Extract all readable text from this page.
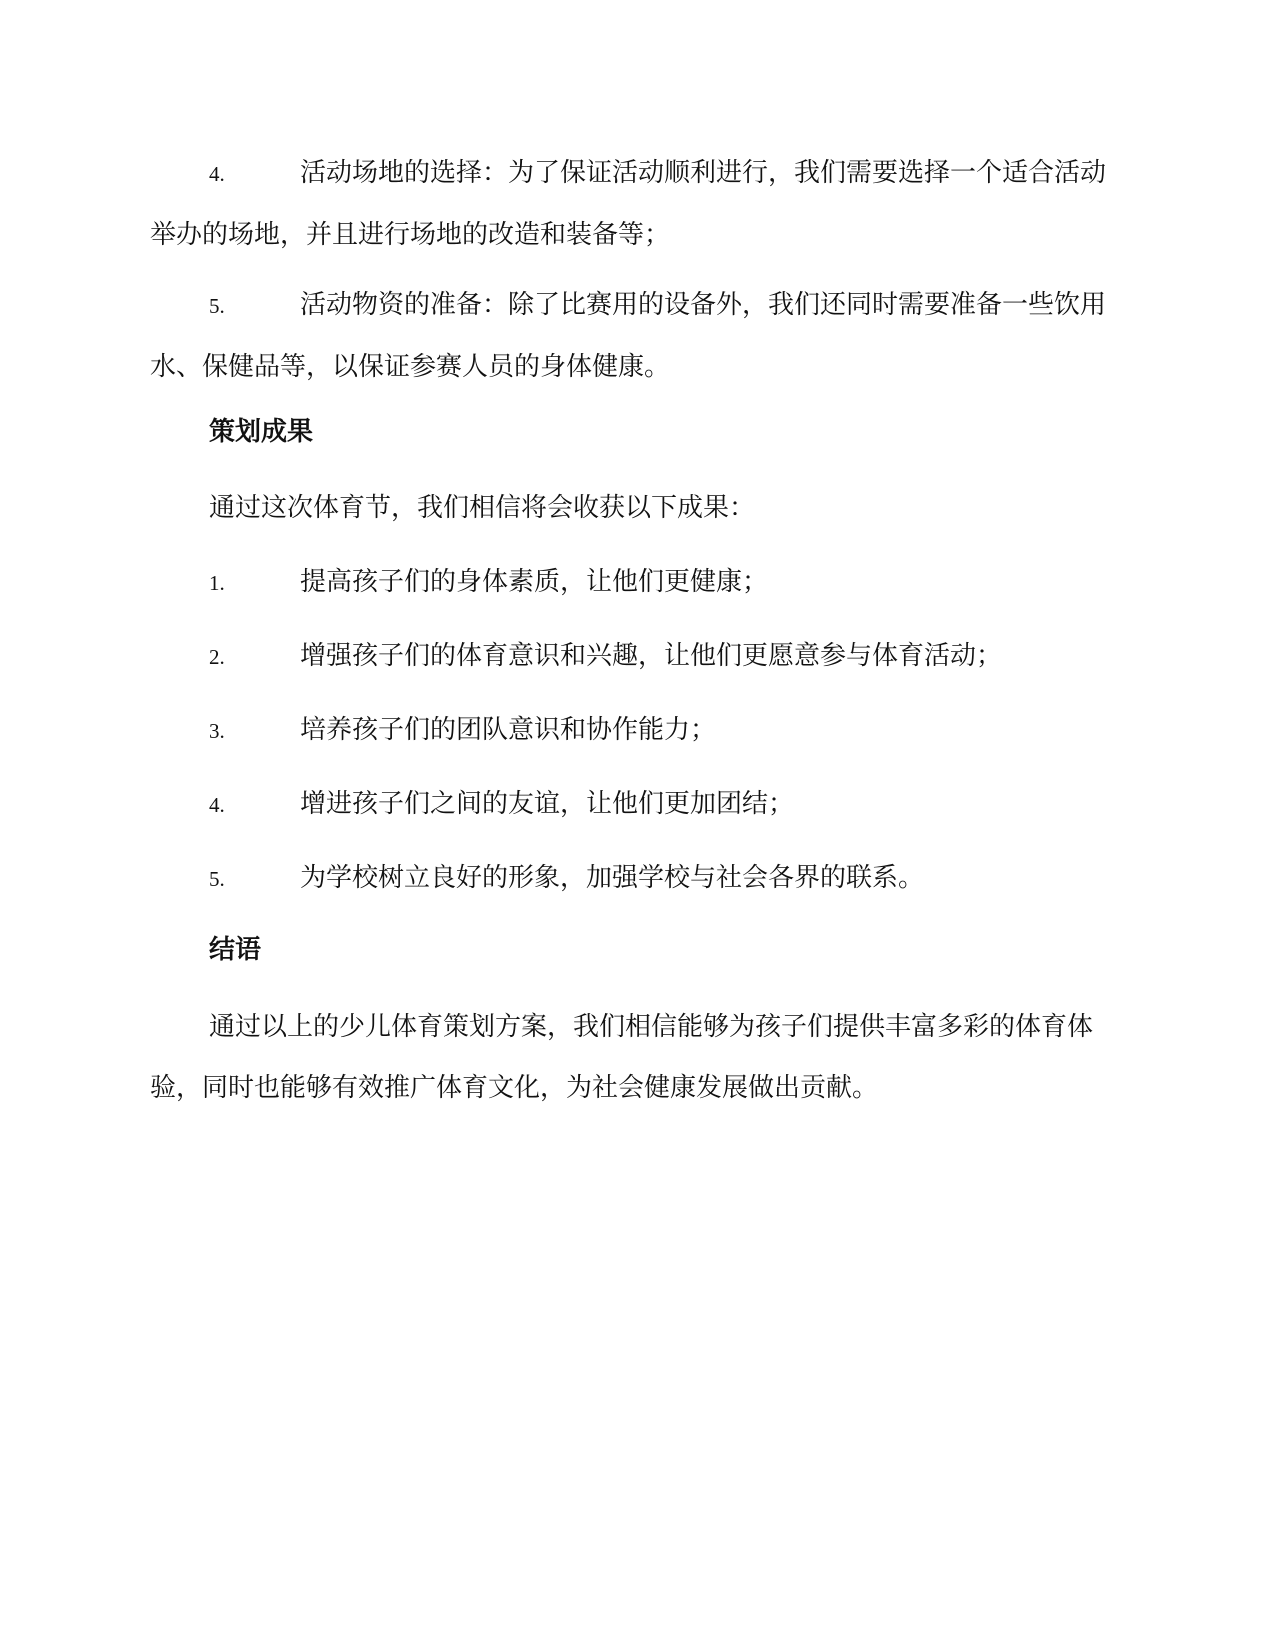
4.	活动场地的选择：为了保证活动顺利进行，我们需要选择一个适合活动举办的场地，并且进行场地的改造和装备等；
5.	活动物资的准备：除了比赛用的设备外，我们还同时需要准备一些饮用水、保健品等，以保证参赛人员的身体健康。
策划成果
通过这次体育节，我们相信将会收获以下成果：
1.	提高孩子们的身体素质，让他们更健康；
2.	增强孩子们的体育意识和兴趣，让他们更愿意参与体育活动；
3.	培养孩子们的团队意识和协作能力；
4.	增进孩子们之间的友谊，让他们更加团结；
5.	为学校树立良好的形象，加强学校与社会各界的联系。
结语
通过以上的少儿体育策划方案，我们相信能够为孩子们提供丰富多彩的体育体验，同时也能够有效推广体育文化，为社会健康发展做出贡献。
